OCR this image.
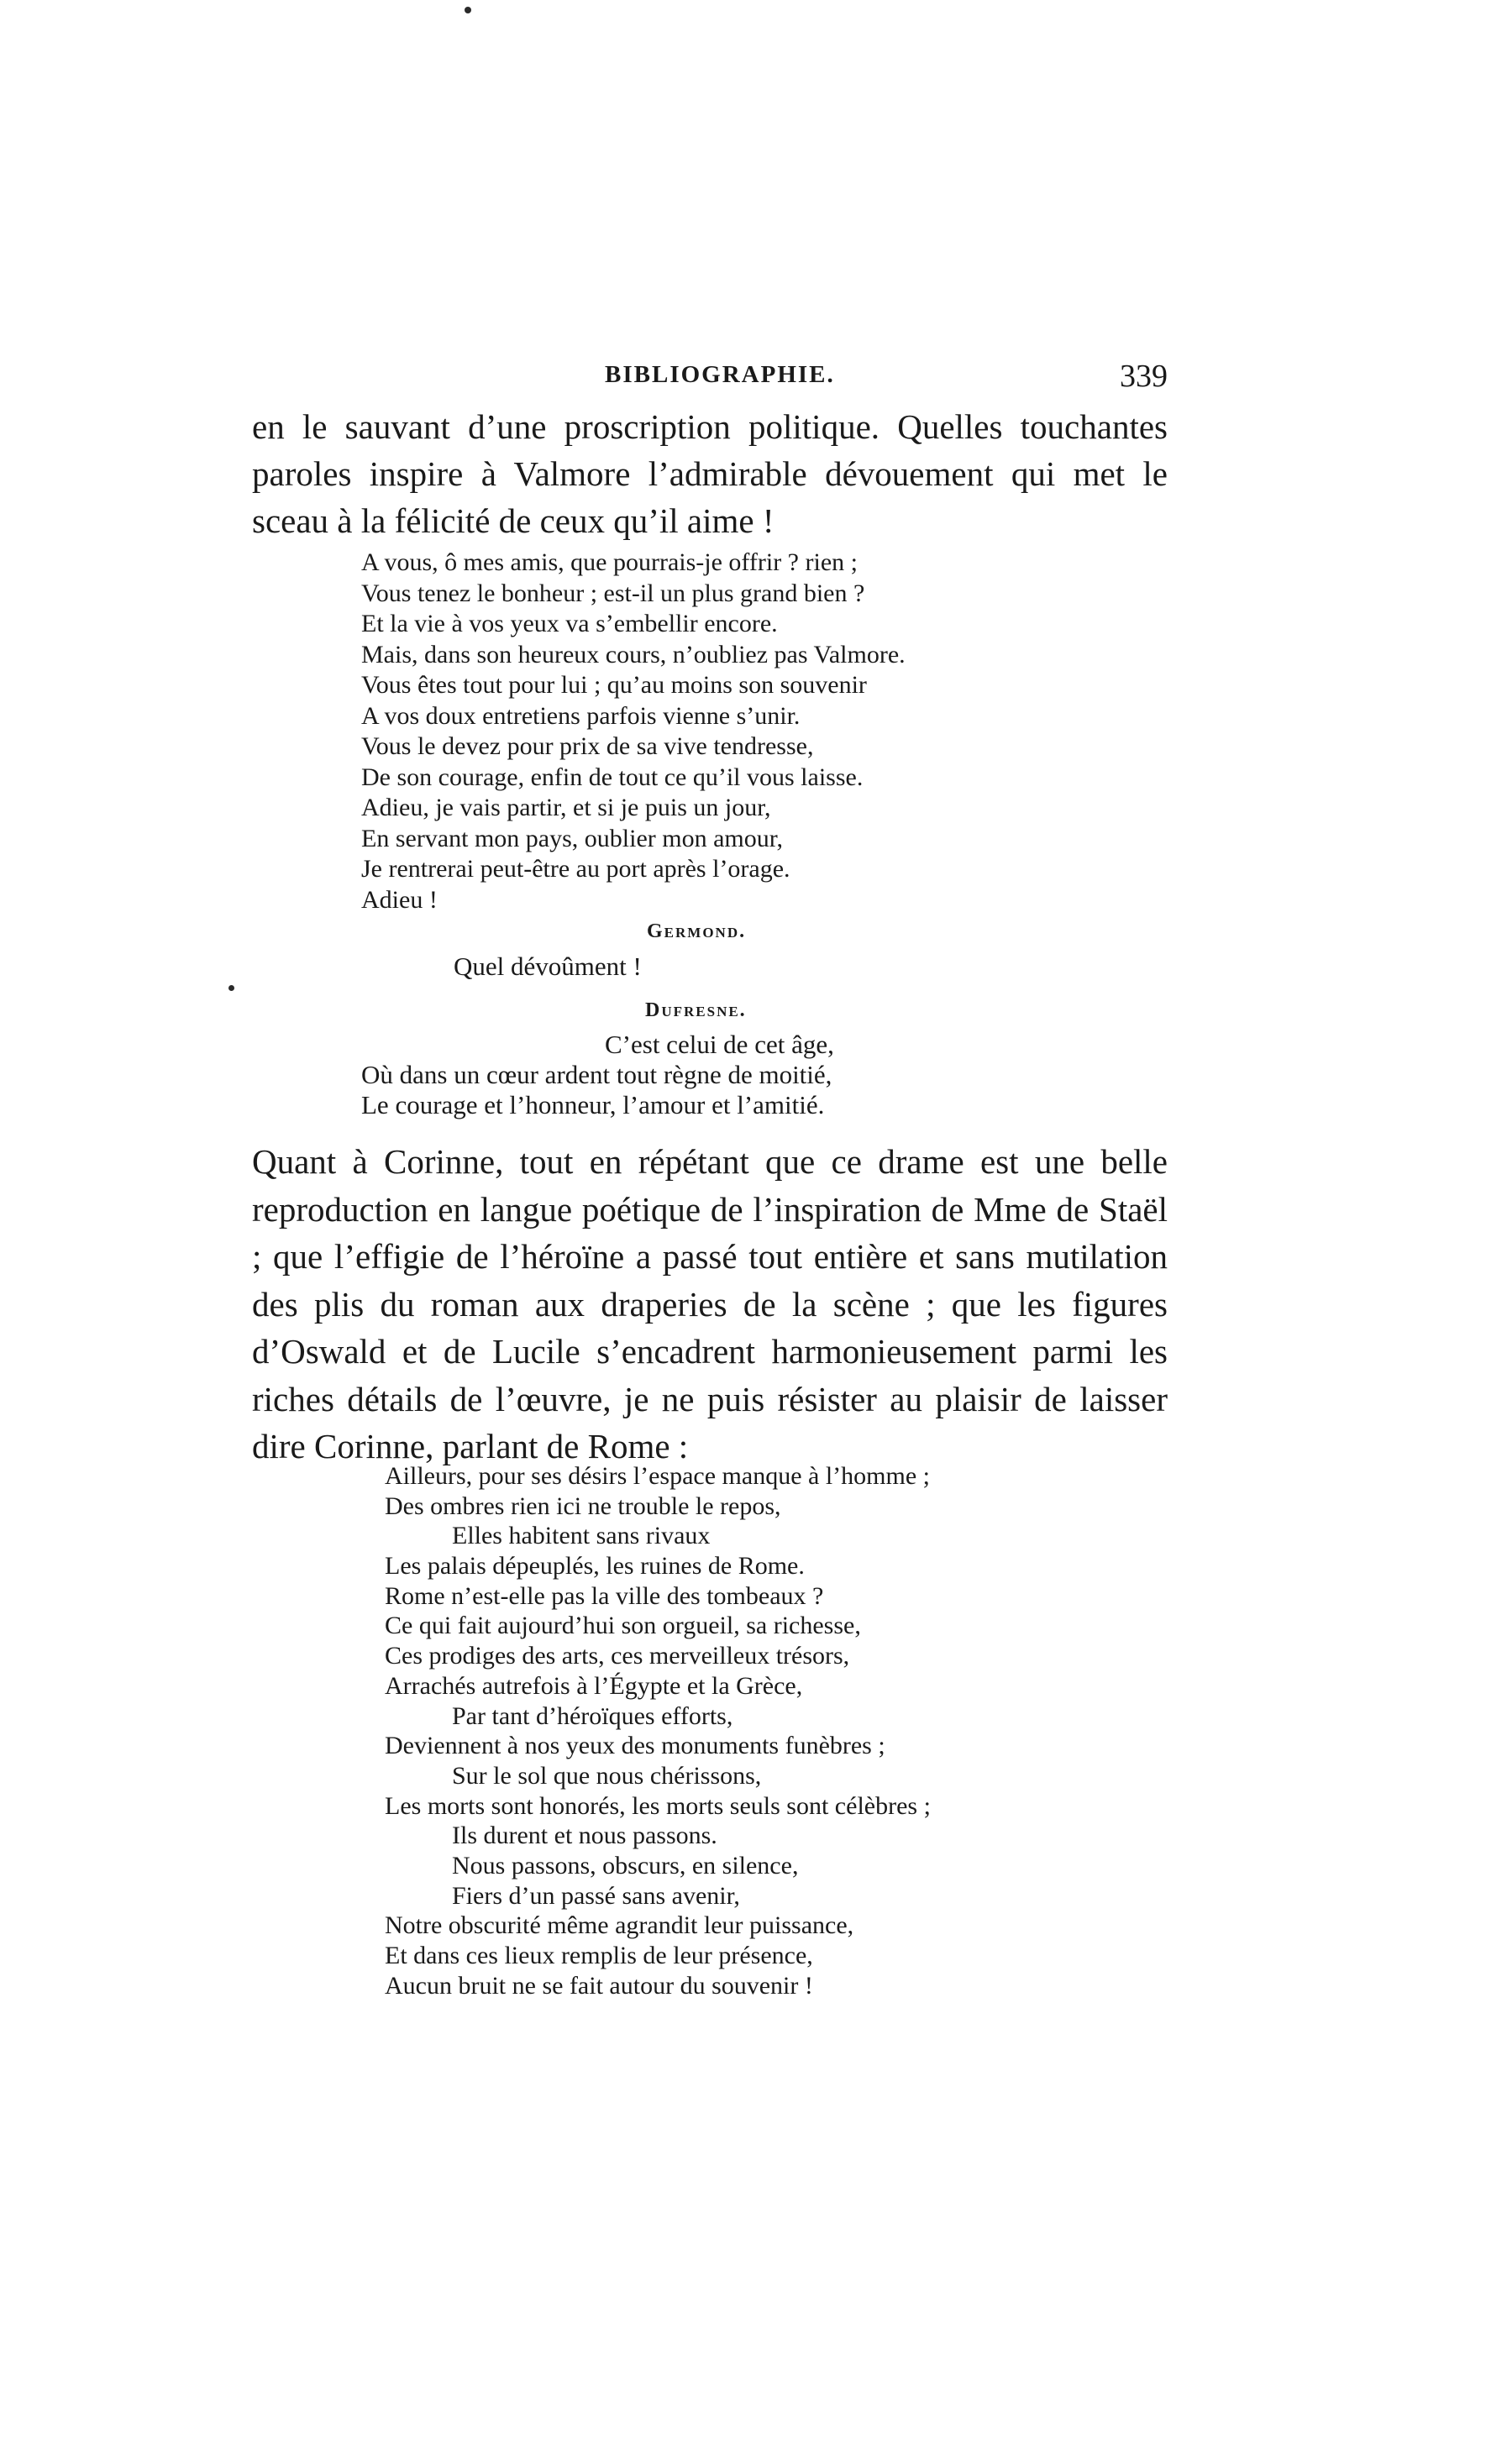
BIBLIOGRAPHIE.	339

en le sauvant d’une proscription politique. Quelles touchantes paroles inspire à Valmore l’admirable dévouement qui met le sceau à la félicité de ceux qu’il aime !

A vous, ô mes amis, que pourrais-je offrir ? rien ;
Vous tenez le bonheur ; est-il un plus grand bien ?
Et la vie à vos yeux va s’embellir encore.
Mais, dans son heureux cours, n’oubliez pas Valmore.
Vous êtes tout pour lui ; qu’au moins son souvenir
A vos doux entretiens parfois vienne s’unir.
Vous le devez pour prix de sa vive tendresse,
De son courage, enfin de tout ce qu’il vous laisse.
Adieu, je vais partir, et si je puis un jour,
En servant mon pays, oublier mon amour,
Je rentrerai peut-être au port après l’orage.
Adieu !
Germond.
Quel dévoûment !
Dufresne.
C’est celui de cet âge,
Où dans un cœur ardent tout règne de moitié,
Le courage et l’honneur, l’amour et l’amitié.

Quant à Corinne, tout en répétant que ce drame est une belle reproduction en langue poétique de l’inspiration de Mme de Staël ; que l’effigie de l’héroïne a passé tout entière et sans mutilation des plis du roman aux draperies de la scène ; que les figures d’Oswald et de Lucile s’encadrent harmonieusement parmi les riches détails de l’œuvre, je ne puis résister au plaisir de laisser dire Corinne, parlant de Rome :

Ailleurs, pour ses désirs l’espace manque à l’homme ;
Des ombres rien ici ne trouble le repos,
Elles habitent sans rivaux
Les palais dépeuplés, les ruines de Rome.
Rome n’est-elle pas la ville des tombeaux ?
Ce qui fait aujourd’hui son orgueil, sa richesse,
Ces prodiges des arts, ces merveilleux trésors,
Arrachés autrefois à l’Égypte et la Grèce,
Par tant d’héroïques efforts,
Deviennent à nos yeux des monuments funèbres ;
Sur le sol que nous chérissons,
Les morts sont honorés, les morts seuls sont célèbres ;
Ils durent et nous passons.
Nous passons, obscurs, en silence,
Fiers d’un passé sans avenir,
Notre obscurité même agrandit leur puissance,
Et dans ces lieux remplis de leur présence,
Aucun bruit ne se fait autour du souvenir !
